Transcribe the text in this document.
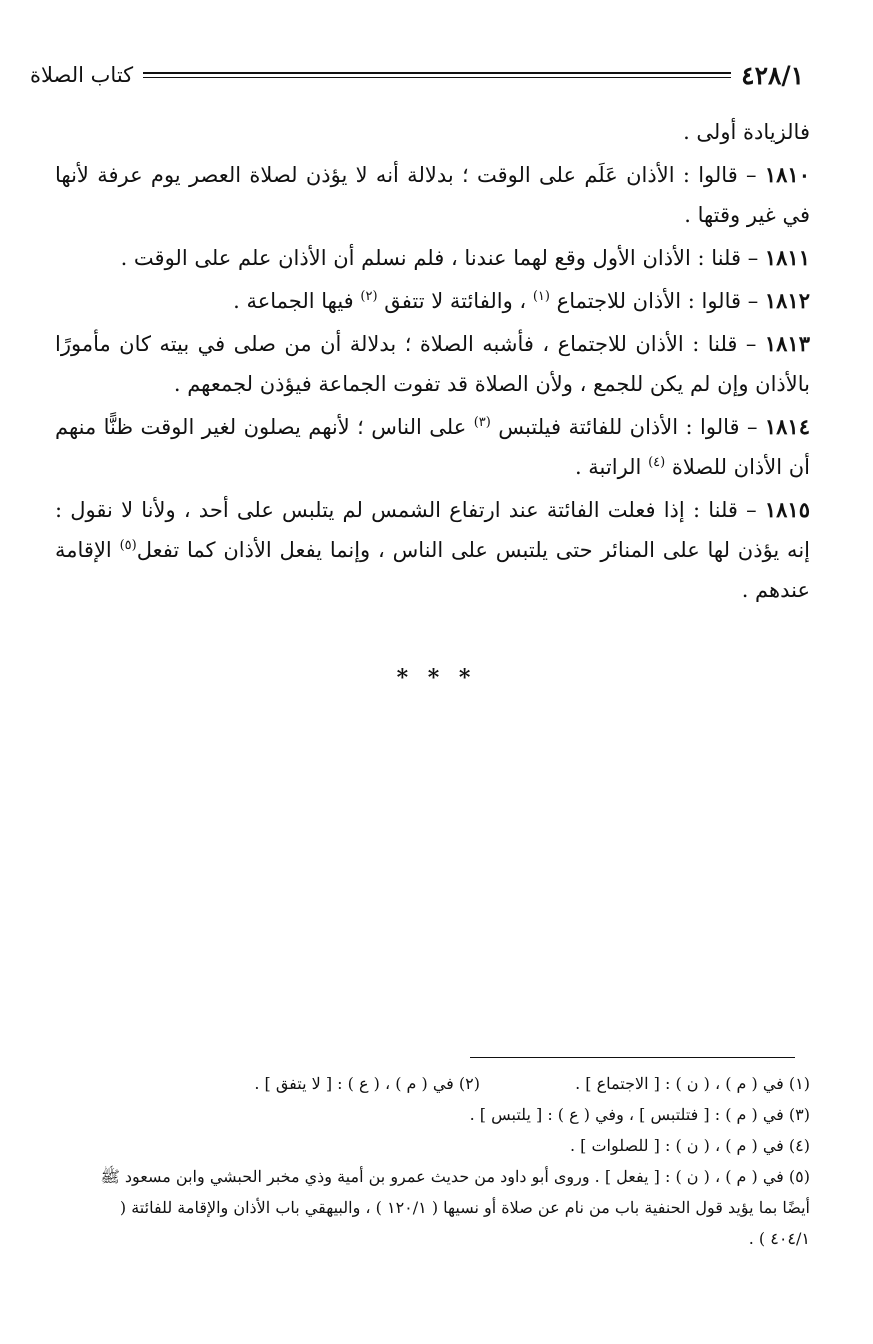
٤٢٨/١
كتاب الصلاة

فالزيادة أولى .

١٨١٠ – قالوا : الأذان عَلَم على الوقت ؛ بدلالة أنه لا يؤذن لصلاة العصر يوم عرفة لأنها في غير وقتها .

١٨١١ – قلنا : الأذان الأول وقع لهما عندنا ، فلم نسلم أن الأذان علم على الوقت .

١٨١٢ – قالوا : الأذان للاجتماع $^{(١)}$ ، والفائتة لا تتفق $^{(٢)}$ فيها الجماعة .

١٨١٣ – قلنا : الأذان للاجتماع ، فأشبه الصلاة ؛ بدلالة أن من صلى في بيته كان مأمورًا بالأذان وإن لم يكن للجمع ، ولأن الصلاة قد تفوت الجماعة فيؤذن لجمعهم .

١٨١٤ – قالوا : الأذان للفائتة فيلتبس $^{(٣)}$ على الناس ؛ لأنهم يصلون لغير الوقت ظنًّا منهم أن الأذان للصلاة $^{(٤)}$ الراتبة .

١٨١٥ – قلنا : إذا فعلت الفائتة عند ارتفاع الشمس لم يتلبس على أحد ، ولأنا لا نقول : إنه يؤذن لها على المنائر حتى يلتبس على الناس ، وإنما يفعل الأذان كما تفعل$^{(٥)}$ الإقامة عندهم .

* * *
(١) في ( م ) ، ( ن ) : [ الاجتماع ] .
(٢) في ( م ) ، ( ع ) : [ لا يتفق ] .

(٣) في ( م ) : [ فتلتبس ] ، وفي ( ع ) : [ يلتبس ] .

(٤) في ( م ) ، ( ن ) : [ للصلوات ] .

(٥) في ( م ) ، ( ن ) : [ يفعل ] . وروى أبو داود من حديث عمرو بن أمية وذي مخبر الحبشي وابن مسعود ﷺ أيضًا بما يؤيد قول الحنفية باب من نام عن صلاة أو نسيها ( ١٢٠/١ ) ، والبيهقي باب الأذان والإقامة للفائتة ( ٤٠٤/١ ) .
